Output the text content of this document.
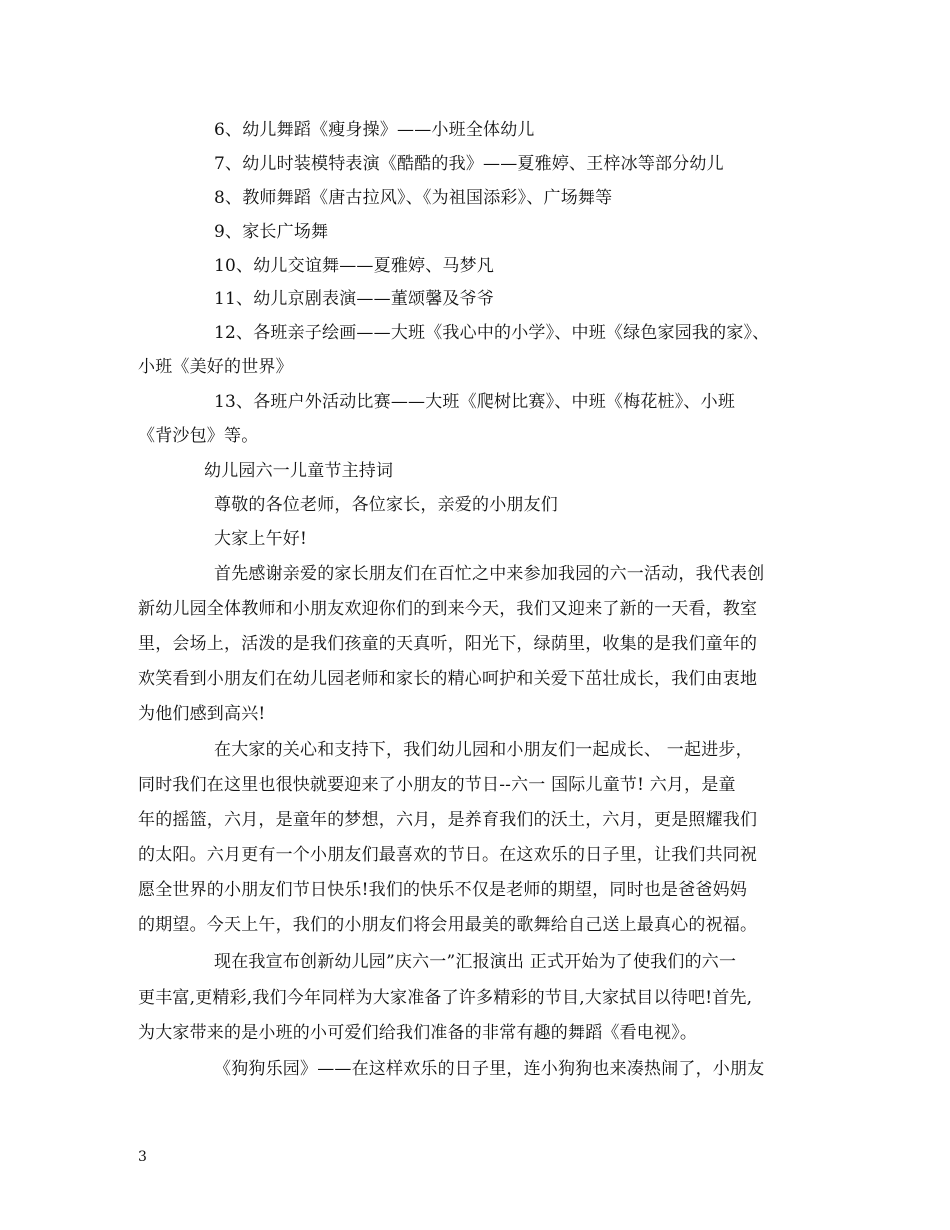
6、幼儿舞蹈《瘦身操》——小班全体幼儿
7、幼儿时装模特表演《酷酷的我》——夏雅婷、王梓冰等部分幼儿
8、教师舞蹈《唐古拉风》、《为祖国添彩》、广场舞等
9、家长广场舞
10、幼儿交谊舞——夏雅婷、马梦凡
11、幼儿京剧表演——董颂馨及爷爷
12、各班亲子绘画——大班《我心中的小学》、中班《绿色家园我的家》、
小班《美好的世界》
13、各班户外活动比赛——大班《爬树比赛》、中班《梅花桩》、小班
《背沙包》等。
幼儿园六一儿童节主持词
尊敬的各位老师，各位家长，亲爱的小朋友们
大家上午好!
首先感谢亲爱的家长朋友们在百忙之中来参加我园的六一活动，我代表创
新幼儿园全体教师和小朋友欢迎你们的到来今天，我们又迎来了新的一天看，教室
里，会场上，活泼的是我们孩童的天真听，阳光下，绿荫里，收集的是我们童年的
欢笑看到小朋友们在幼儿园老师和家长的精心呵护和关爱下茁壮成长，我们由衷地
为他们感到高兴!
在大家的关心和支持下，我们幼儿园和小朋友们一起成长、 一起进步，
同时我们在这里也很快就要迎来了小朋友的节日--六一 国际儿童节! 六月，是童
年的摇篮，六月，是童年的梦想，六月，是养育我们的沃土，六月，更是照耀我们
的太阳。六月更有一个小朋友们最喜欢的节日。在这欢乐的日子里，让我们共同祝
愿全世界的小朋友们节日快乐!我们的快乐不仅是老师的期望，同时也是爸爸妈妈
的期望。今天上午，我们的小朋友们将会用最美的歌舞给自己送上最真心的祝福。
现在我宣布创新幼儿园”庆六一”汇报演出 正式开始为了使我们的六一
更丰富,更精彩,我们今年同样为大家准备了许多精彩的节目,大家拭目以待吧!首先,
为大家带来的是小班的小可爱们给我们准备的非常有趣的舞蹈《看电视》。
《狗狗乐园》——在这样欢乐的日子里，连小狗狗也来凑热闹了，小朋友
3
